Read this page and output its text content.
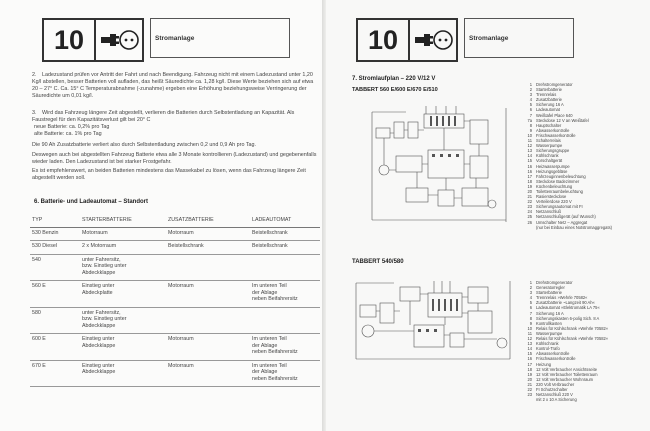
10	Stromanlage

2. Ladezustand prüfen vor Antritt der Fahrt und nach Beendigung. Fahrzeug nicht mit einem Ladezustand unter 1,20 Kg/l abstellen, besser Batterien voll aufladen, das heißt Säuredichte ca. 1,28 kg/l. Diese Werte beziehen sich auf etwa 20 – 27° C. Ca. 15° C Temperaturabnahme (-zunahme) ergeben eine Erhöhung beziehungsweise Verringerung der Säuredichte um 0,01 kg/l.

3. Wird das Fahrzeug längere Zeit abgestellt, verlieren die Batterien durch Selbstentladung an Kapazität. Als Faustregel für den Kapazitätsverlust gilt bei 20° C

neue Batterie: ca. 0,2% pro Tag
alte Batterie: ca. 1% pro Tag

Die 90 Ah Zusatzbatterie verliert also durch Selbstentladung zwischen 0,2 und 0,9 Ah pro Tag.

Deswegen auch bei abgestellten Fahrzeug Batterie etwa alle 3 Monate kontrollieren (Ladezustand) und gegebenenfalls wieder laden. Den Ladezustand ist bei starker Frostgefahr.

Es ist empfehlenswert, an beiden Batterien mindestens das Massekabel zu lösen, wenn das Fahrzeug längere Zeit abgestellt werden soll.

6. Batterie- und Ladeautomat – Standort
TYP	STARTERBATTERIE	ZUSATZBATTERIE	LADEAUTOMAT
530 Benzin	Motorraum	Motorraum	Beistellschrank
530 Diesel	2 x Motorraum	Beistellschrank	Beistellschrank
540	unter Fahrersitz,
bzw. Einstieg unter
Abdeckklappe		
560 E	Einstieg unter
Abdeckplatte	Motorraum	Im unteren Teil
der Ablage
neben Beifahrersitz
580	unter Fahrersitz,
bzw. Einstieg unter
Abdeckklappe		
600 E	Einstieg unter
Abdeckklappe	Motorraum	Im unteren Teil
der Ablage
neben Beifahrersitz
670 E	Einstieg unter
Abdeckklappe	Motorraum	Im unteren Teil
der Ablage
neben Beifahrersitz
10	Stromanlage
7. Stromlaufplan – 220 V/12 V
TABBERT 560 E/600 E/670 E/510
1 Drehstromgenerator
2 Starterbatterie
3 Trennrelais
4 Zusatzbatterie
5 Sicherung 16 A
6 Ladeautomat
7 Weißtafel Place 640
7a Steckdose 12 V an Weißtafel
8 Hauptschalter
9 Abwasserkontrolle
10 Frischwasserkontrolle
11 Schalterrelais
12 Wasserpumpe
13 Sicherungsgruppe
14 Kühlschrank
15 Vorschaltgerät
16 Heizwasserpumpe
16 Heizungsgebläse
17 Fahrzeuginnenbeleuchtung
18 Steckdose Badezimmer
19 Küchenbeleuchtung
20 Toilettenraumbeleuchtung
21 Rasiersteckdose
22 Verteilerdose 220 V
23 Sicherungsautomat mit FI
24 Netzanschluß
25 Netzanschlußgerät (auf Wunsch)
26 Umschalter Netz – Aggregat
(nur bei Einbau eines Notstromaggregats)
TABBERT 540/580
1 Drehstromgenerator
2 Generatorregler
3 Starterbatterie
4 Trennrelais »Wehrle 70582«
5 Zusatzbatterie ~Langzeit 90 Ah«
6 Ladeautomat »Elektromatik LA 75«
7 Sicherung 16 A
8 Sicherungskasten 6-polig Sich. 8 A
9 Kontrollkasten
10 Relais für Kühlschrank »Wehrle 70582«
11 Wasserpumpe
12 Relais für Kühlschrank »Wehrle 70582«
13 Kühlschrank
14 Kontrol-Trafo
15 Abwasserkontrolle
16 Frischwasserkontrolle
17 Heizung
18 12 Volt Verbraucher Ansichtsseite
19 12 Volt Verbraucher Toilettenraum
20 12 Volt Verbraucher Wohnraum
21 220 Volt Verbraucher
22 FI Schutzschalter
23 Netzanschluß 220 V
mit 2 x 10 A Sicherung
